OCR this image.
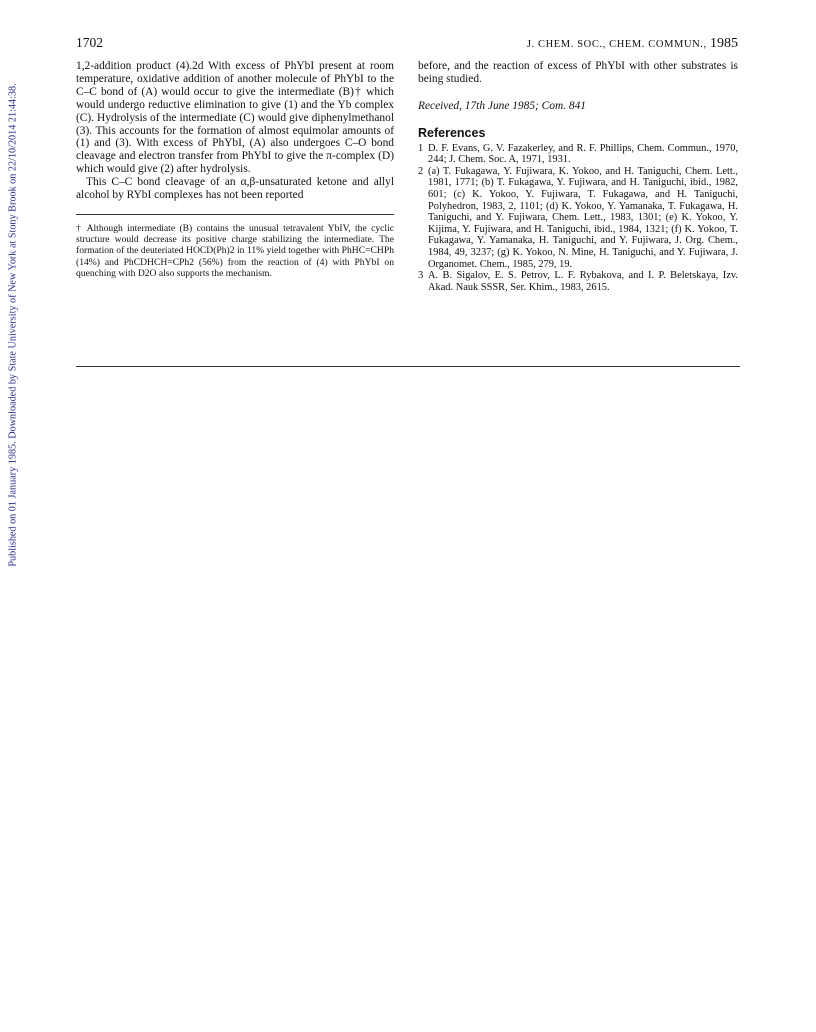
Published on 01 January 1985. Downloaded by State University of New York at Stony Brook on 22/10/2014 21:44:38.
1702	J. CHEM. SOC., CHEM. COMMUN., 1985

1,2-addition product (4).2d With excess of PhYbI present at room temperature, oxidative addition of another molecule of PhYbI to the C–C bond of (A) would occur to give the intermediate (B)† which would undergo reductive elimination to give (1) and the Yb complex (C). Hydrolysis of the intermediate (C) would give diphenylmethanol (3). This accounts for the formation of almost equimolar amounts of (1) and (3). With excess of PhYbI, (A) also undergoes C–O bond cleavage and electron transfer from PhYbI to give the π-complex (D) which would give (2) after hydrolysis.

This C–C bond cleavage of an α,β-unsaturated ketone and allyl alcohol by RYbI complexes has not been reported

† Although intermediate (B) contains the unusual tetravalent YbIV, the cyclic structure would decrease its positive charge stabilizing the intermediate. The formation of the deuteriated HOCD(Ph)2 in 11% yield together with PhHC=CHPh (14%) and PhCDHCH=CPh2 (56%) from the reaction of (4) with PhYbI on quenching with D2O also supports the mechanism.

before, and the reaction of excess of PhYbI with other substrates is being studied.

Received, 17th June 1985; Com. 841

References

1 D. F. Evans, G. V. Fazakerley, and R. F. Phillips, Chem. Commun., 1970, 244; J. Chem. Soc. A, 1971, 1931.
2 (a) T. Fukagawa, Y. Fujiwara, K. Yokoo, and H. Taniguchi, Chem. Lett., 1981, 1771; (b) T. Fukagawa, Y. Fujiwara, and H. Taniguchi, ibid., 1982, 601; (c) K. Yokoo, Y. Fujiwara, T. Fukagawa, and H. Taniguchi, Polyhedron, 1983, 2, 1101; (d) K. Yokoo, Y. Yamanaka, T. Fukagawa, H. Taniguchi, and Y. Fujiwara, Chem. Lett., 1983, 1301; (e) K. Yokoo, Y. Kijima, Y. Fujiwara, and H. Taniguchi, ibid., 1984, 1321; (f) K. Yokoo, T. Fukagawa, Y. Yamanaka, H. Taniguchi, and Y. Fujiwara, J. Org. Chem., 1984, 49, 3237; (g) K. Yokoo, N. Mine, H. Taniguchi, and Y. Fujiwara, J. Organomet. Chem., 1985, 279, 19.
3 A. B. Sigalov, E. S. Petrov, L. F. Rybakova, and I. P. Beletskaya, Izv. Akad. Nauk SSSR, Ser. Khim., 1983, 2615.
